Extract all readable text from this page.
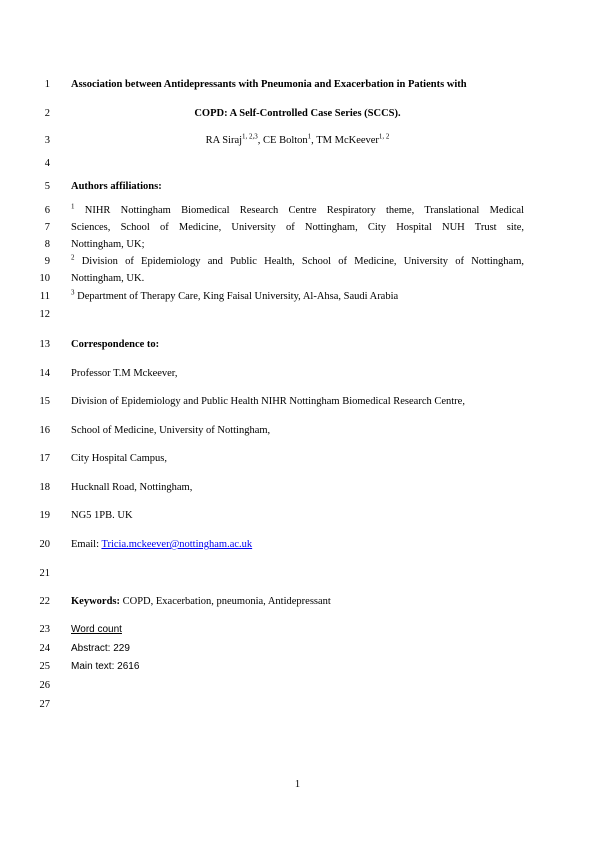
1
2
3
4
5
6
7
8
9
10
11
12
13
14
15
16
17
18
19
20
21
22
23
24
25
26
27
Association between Antidepressants with Pneumonia and Exacerbation in Patients with
COPD: A Self-Controlled Case Series (SCCS).
RA Siraj$^{1, 2,3}$, CE Bolton$^1$, TM McKeever$^{1, 2}$
Authors affiliations:
$^1$ NIHR Nottingham Biomedical Research Centre Respiratory theme, Translational Medical
Sciences, School of Medicine, University of Nottingham, City Hospital NUH Trust site,
Nottingham, UK;
$^2$ Division of Epidemiology and Public Health, School of Medicine, University of Nottingham,
Nottingham, UK.
$^3$ Department of Therapy Care, King Faisal University, Al-Ahsa, Saudi Arabia
Correspondence to:
Professor T.M Mckeever,
Division of Epidemiology and Public Health NIHR Nottingham Biomedical Research Centre,
School of Medicine, University of Nottingham,
City Hospital Campus,
Hucknall Road, Nottingham,
NG5 1PB. UK
Email: Tricia.mckeever@nottingham.ac.uk
Keywords: COPD, Exacerbation, pneumonia, Antidepressant
Word count
Abstract: 229
Main text: 2616
1
